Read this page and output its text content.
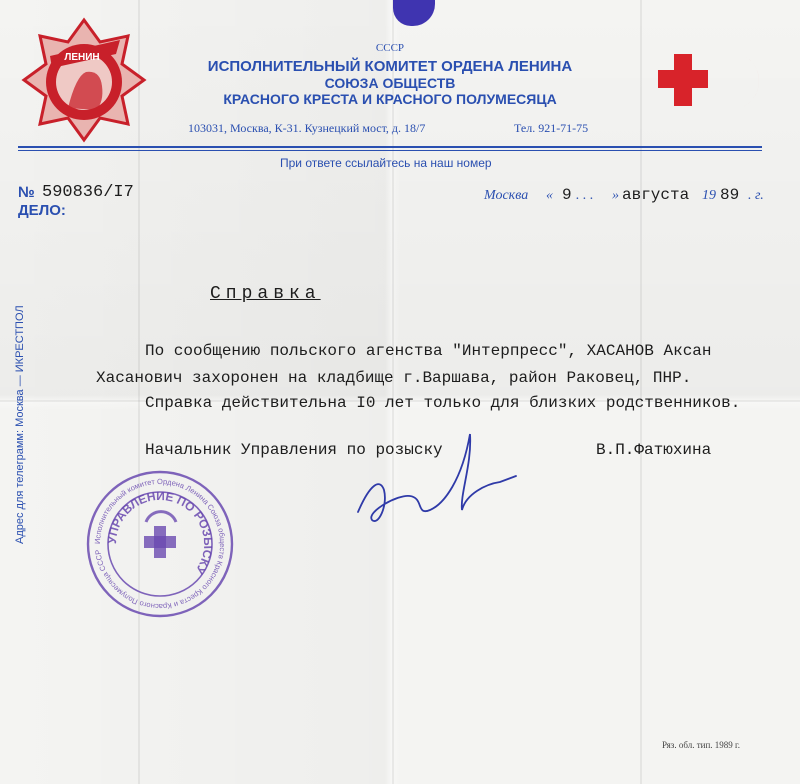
ЛЕНИН
СССР
ИСПОЛНИТЕЛЬНЫЙ КОМИТЕТ ОРДЕНА ЛЕНИНА
СОЮЗА ОБЩЕСТВ
КРАСНОГО КРЕСТА И КРАСНОГО ПОЛУМЕСЯЦА
103031, Москва, К-31. Кузнецкий мост, д. 18/7	Тел. 921-71-75
При ответе ссылайтесь на наш номер
№ 590836/I7
ДЕЛО:
Москва « 9 . . . » августа 19 89 . г.
Адрес для телеграмм: Москва — ИКРЕСТПОЛ
Справка
По сообщению польского агенства "Интерпресс", ХАСАНОВ Аксан
Хасанович захоронен на кладбище г.Варшава, район Раковец, ПНР.
Справка действительна I0 лет только для близких родственников.
Начальник Управления по розыску	В.П.Фатюхина
Исполнительный комитет Ордена Ленина Союза обществ Красного Креста и Красного Полумесяца СССР
УПРАВЛЕНИЕ ПО РОЗЫСКУ
Ряз. обл. тип. 1989 г.
